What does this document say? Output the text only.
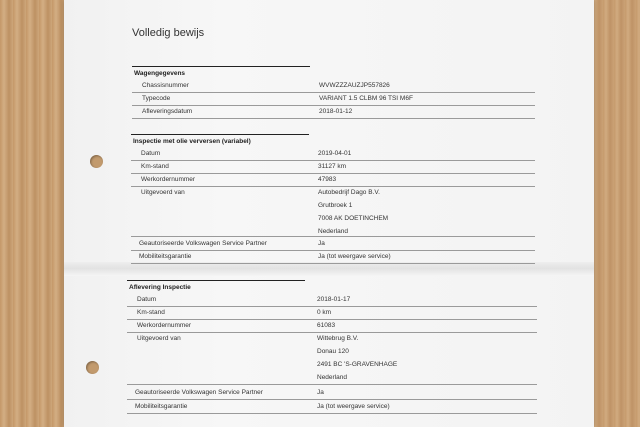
Volledig bewijs
Wagengegevens
Chassisnummer	WVWZZZAUZJP557826
Typecode	VARIANT 1.5 CLBM 96 TSI M6F
Afleveringsdatum	2018-01-12
Inspectie met olie verversen (variabel)
Datum	2019-04-01
Km-stand	31127 km
Werkordernummer	47983
Uitgevoerd van	Autobedrijf Dago B.V.
Grutbroek 1
7008 AK DOETINCHEM
Nederland
Geautoriseerde Volkswagen Service Partner	Ja
Mobiliteitsgarantie	Ja (tot weergave service)
Aflevering Inspectie
Datum	2018-01-17
Km-stand	0 km
Werkordernummer	61083
Uitgevoerd van	Wittebrug B.V.
Donau 120
2491 BC 'S-GRAVENHAGE
Nederland
Geautoriseerde Volkswagen Service Partner	Ja
Mobiliteitsgarantie	Ja (tot weergave service)
